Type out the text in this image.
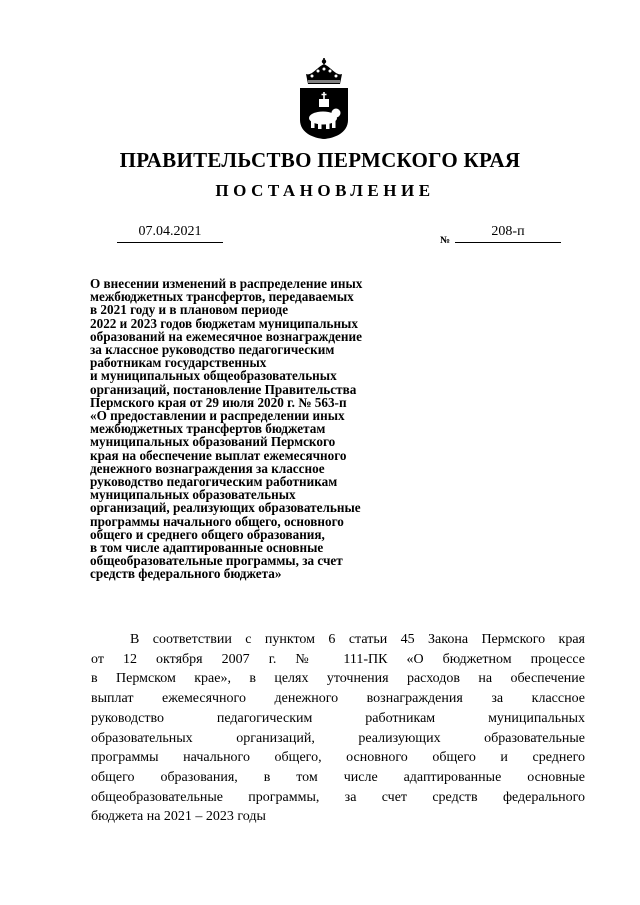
ПРАВИТЕЛЬСТВО ПЕРМСКОГО КРАЯ
ПОСТАНОВЛЕНИЕ
07.04.2021
№
208-п
О внесении изменений в распределение иных
межбюджетных трансфертов, передаваемых
в 2021 году и в плановом периоде
2022 и 2023 годов бюджетам муниципальных
образований на ежемесячное вознаграждение
за классное руководство педагогическим
работникам государственных
и муниципальных общеобразовательных
организаций, постановление Правительства
Пермского края от 29 июля 2020 г. № 563-п
«О предоставлении и распределении иных
межбюджетных трансфертов бюджетам
муниципальных образований Пермского
края на обеспечение выплат ежемесячного
денежного вознаграждения за классное
руководство педагогическим работникам
муниципальных образовательных
организаций, реализующих образовательные
программы начального общего, основного
общего и среднего общего образования,
в том числе адаптированные основные
общеобразовательные программы, за счет
средств федерального бюджета»
В соответствии с пунктом 6 статьи 45 Закона Пермского края
от 12 октября 2007 г. № 111-ПК «О бюджетном процессе
в Пермском крае», в целях уточнения расходов на обеспечение
выплат ежемесячного денежного вознаграждения за классное
руководство педагогическим работникам муниципальных
образовательных организаций, реализующих образовательные
программы начального общего, основного общего и среднего
общего образования, в том числе адаптированные основные
общеобразовательные программы, за счет средств федерального
бюджета на 2021 – 2023 годы
